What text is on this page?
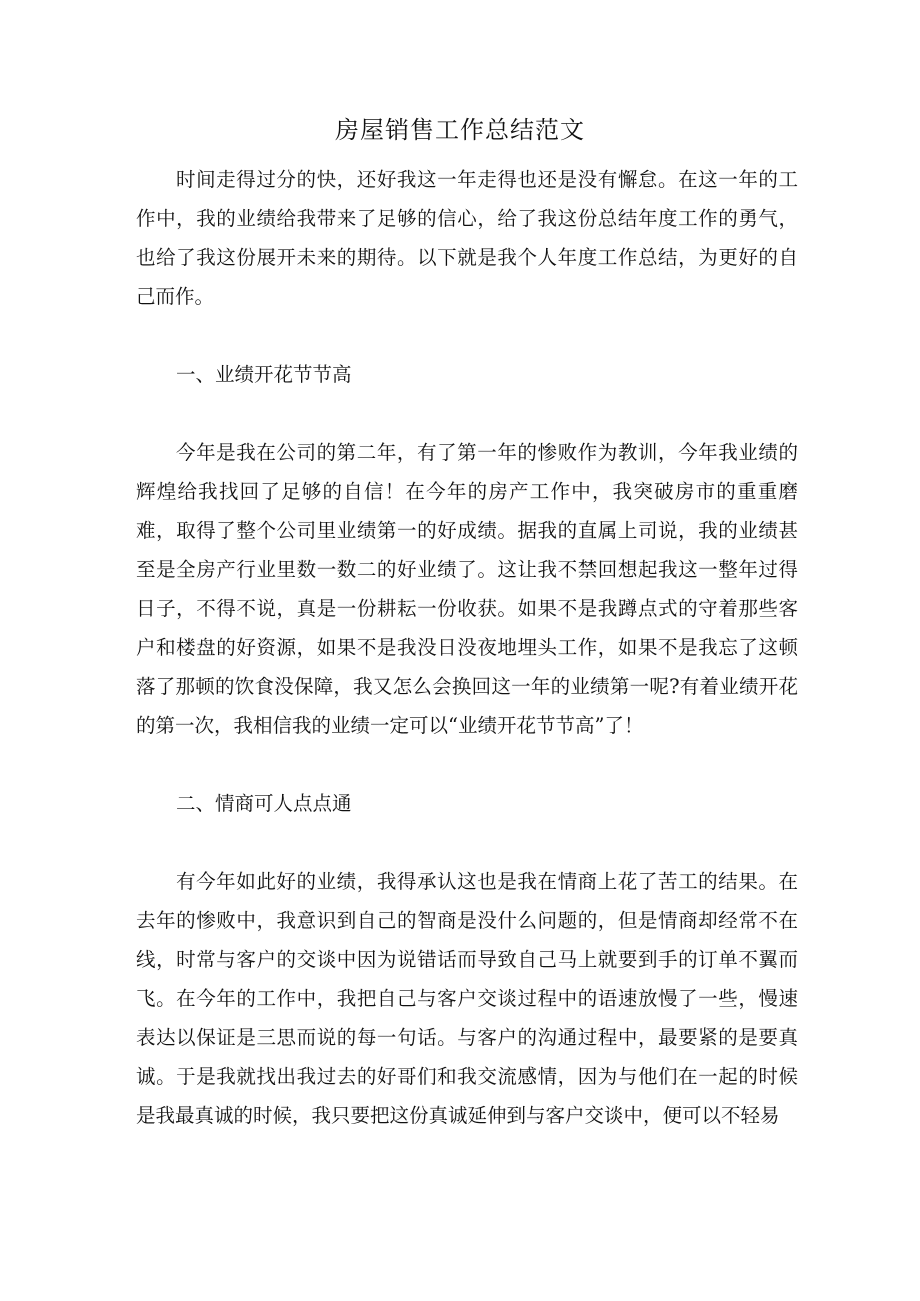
房屋销售工作总结范文

时间走得过分的快，还好我这一年走得也还是没有懈怠。在这一年的工作中，我的业绩给我带来了足够的信心，给了我这份总结年度工作的勇气，也给了我这份展开未来的期待。以下就是我个人年度工作总结，为更好的自己而作。

一、业绩开花节节高

今年是我在公司的第二年，有了第一年的惨败作为教训，今年我业绩的辉煌给我找回了足够的自信！在今年的房产工作中，我突破房市的重重磨难，取得了整个公司里业绩第一的好成绩。据我的直属上司说，我的业绩甚至是全房产行业里数一数二的好业绩了。这让我不禁回想起我这一整年过得日子，不得不说，真是一份耕耘一份收获。如果不是我蹲点式的守着那些客户和楼盘的好资源，如果不是我没日没夜地埋头工作，如果不是我忘了这顿落了那顿的饮食没保障，我又怎么会换回这一年的业绩第一呢?有着业绩开花的第一次，我相信我的业绩一定可以“业绩开花节节高”了！

二、情商可人点点通

有今年如此好的业绩，我得承认这也是我在情商上花了苦工的结果。在去年的惨败中，我意识到自己的智商是没什么问题的，但是情商却经常不在线，时常与客户的交谈中因为说错话而导致自己马上就要到手的订单不翼而飞。在今年的工作中，我把自己与客户交谈过程中的语速放慢了一些，慢速表达以保证是三思而说的每一句话。与客户的沟通过程中，最要紧的是要真诚。于是我就找出我过去的好哥们和我交流感情，因为与他们在一起的时候是我最真诚的时候，我只要把这份真诚延伸到与客户交谈中，便可以不轻易
